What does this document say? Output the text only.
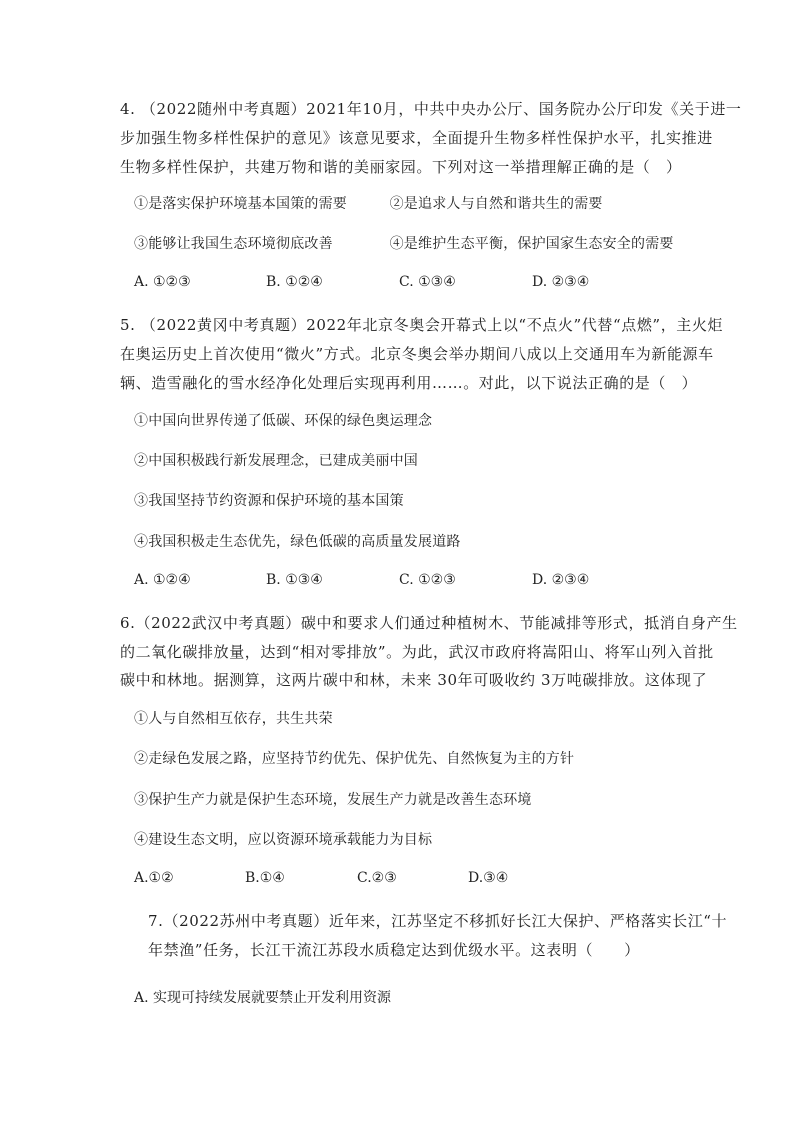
4. （2022随州中考真题）2021年10月，中共中央办公厅、国务院办公厅印发《关于进一
步加强生物多样性保护的意见》该意见要求，全面提升生物多样性保护水平，扎实推进
生物多样性保护，共建万物和谐的美丽家园。下列对这一举措理解正确的是（　）
①是落实保护环境基本国策的需要　　　②是追求人与自然和谐共生的需要
③能够让我国生态环境彻底改善　　　　④是维护生态平衡，保护国家生态安全的需要
A. ①②③	B. ①②④	C. ①③④	D. ②③④
5. （2022黄冈中考真题）2022年北京冬奥会开幕式上以“不点火”代替“点燃”，主火炬
在奥运历史上首次使用“微火”方式。北京冬奥会举办期间八成以上交通用车为新能源车
辆、造雪融化的雪水经净化处理后实现再利用……。对此，以下说法正确的是（　）
①中国向世界传递了低碳、环保的绿色奥运理念
②中国积极践行新发展理念，已建成美丽中国
③我国坚持节约资源和保护环境的基本国策
④我国积极走生态优先，绿色低碳的高质量发展道路
A. ①②④	B. ①③④	C. ①②③	D. ②③④
6.（2022武汉中考真题）碳中和要求人们通过种植树木、节能减排等形式，抵消自身产生
的二氧化碳排放量，达到“相对零排放”。为此，武汉市政府将嵩阳山、将军山列入首批
碳中和林地。据测算，这两片碳中和林，未来 30年可吸收约 3万吨碳排放。这体现了
①人与自然相互依存，共生共荣
②走绿色发展之路，应坚持节约优先、保护优先、自然恢复为主的方针
③保护生产力就是保护生态环境，发展生产力就是改善生态环境
④建设生态文明，应以资源环境承载能力为目标
A.①②	B.①④	C.②③	D.③④
7.（2022苏州中考真题）近年来，江苏坚定不移抓好长江大保护、严格落实长江“十
年禁渔”任务，长江干流江苏段水质稳定达到优级水平。这表明（　　）
A. 实现可持续发展就要禁止开发利用资源
